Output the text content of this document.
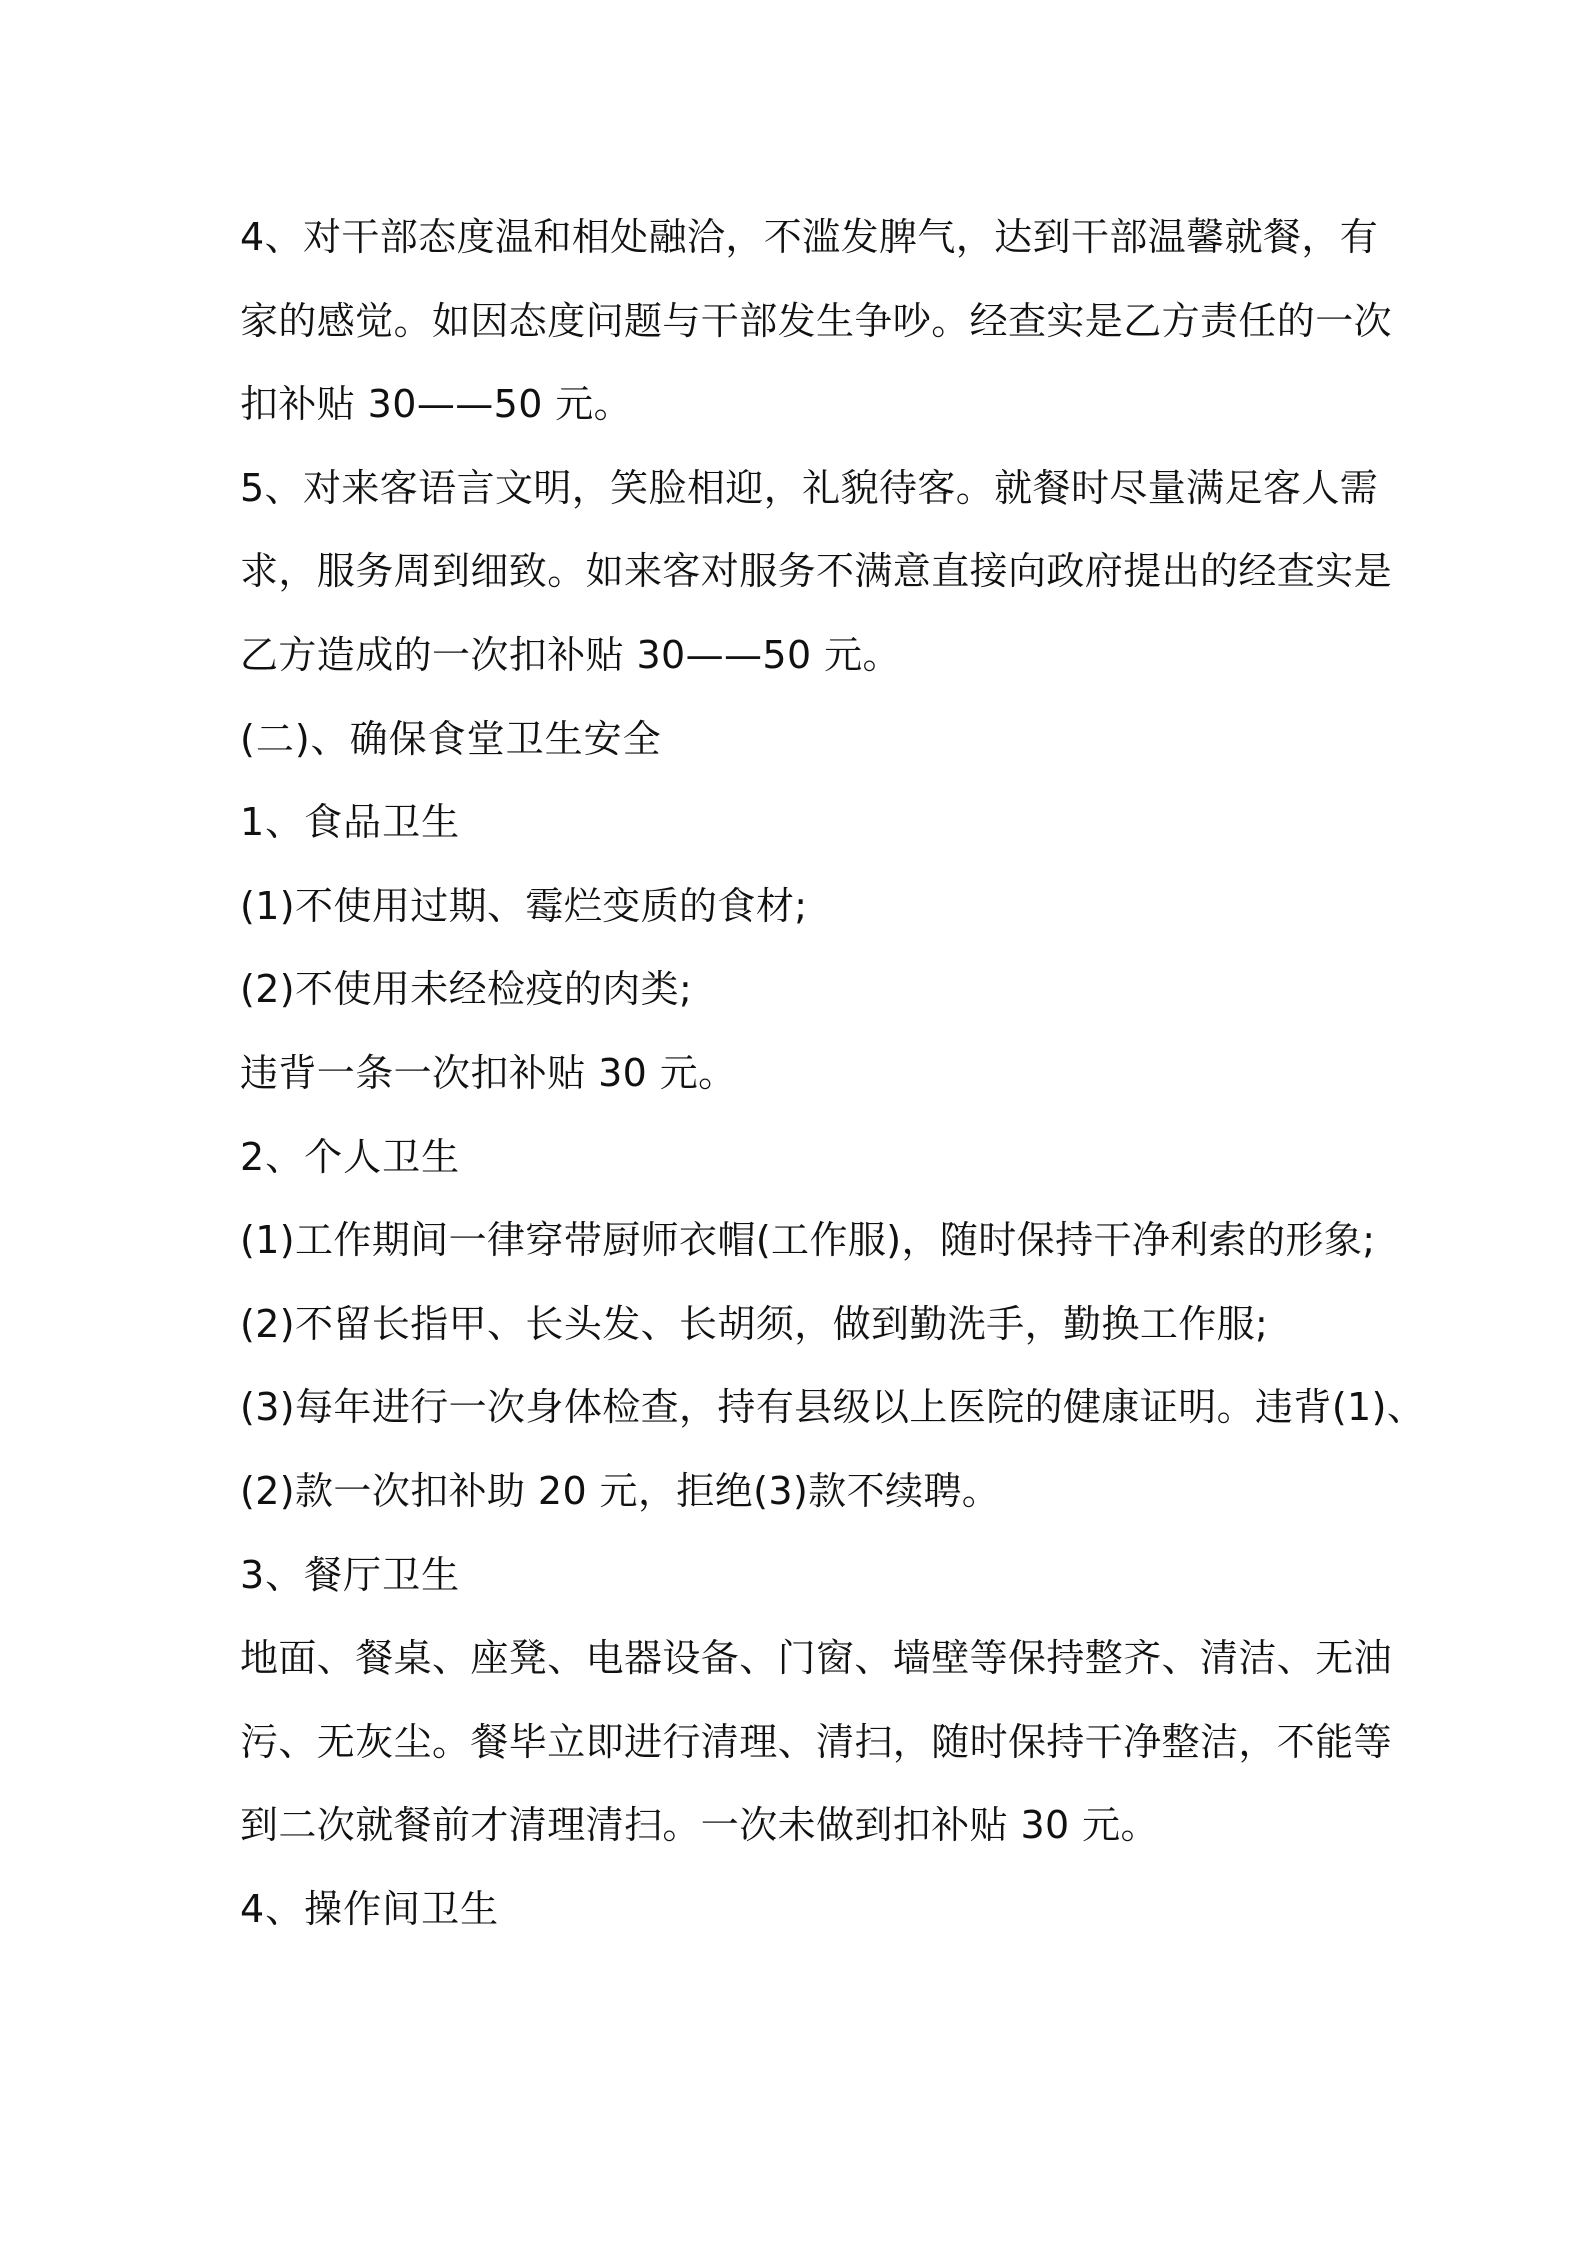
4、对干部态度温和相处融洽，不滥发脾气，达到干部温馨就餐，有
家的感觉。如因态度问题与干部发生争吵。经查实是乙方责任的一次
扣补贴 30——50 元。
5、对来客语言文明，笑脸相迎，礼貌待客。就餐时尽量满足客人需
求，服务周到细致。如来客对服务不满意直接向政府提出的经查实是
乙方造成的一次扣补贴 30——50 元。
(二)、确保食堂卫生安全
1、食品卫生
(1)不使用过期、霉烂变质的食材;
(2)不使用未经检疫的肉类;
违背一条一次扣补贴 30 元。
2、个人卫生
(1)工作期间一律穿带厨师衣帽(工作服)，随时保持干净利索的形象;
(2)不留长指甲、长头发、长胡须，做到勤洗手，勤换工作服;
(3)每年进行一次身体检查，持有县级以上医院的健康证明。违背(1)、
(2)款一次扣补助 20 元，拒绝(3)款不续聘。
3、餐厅卫生
地面、餐桌、座凳、电器设备、门窗、墙壁等保持整齐、清洁、无油
污、无灰尘。餐毕立即进行清理、清扫，随时保持干净整洁，不能等
到二次就餐前才清理清扫。一次未做到扣补贴 30 元。
4、操作间卫生
